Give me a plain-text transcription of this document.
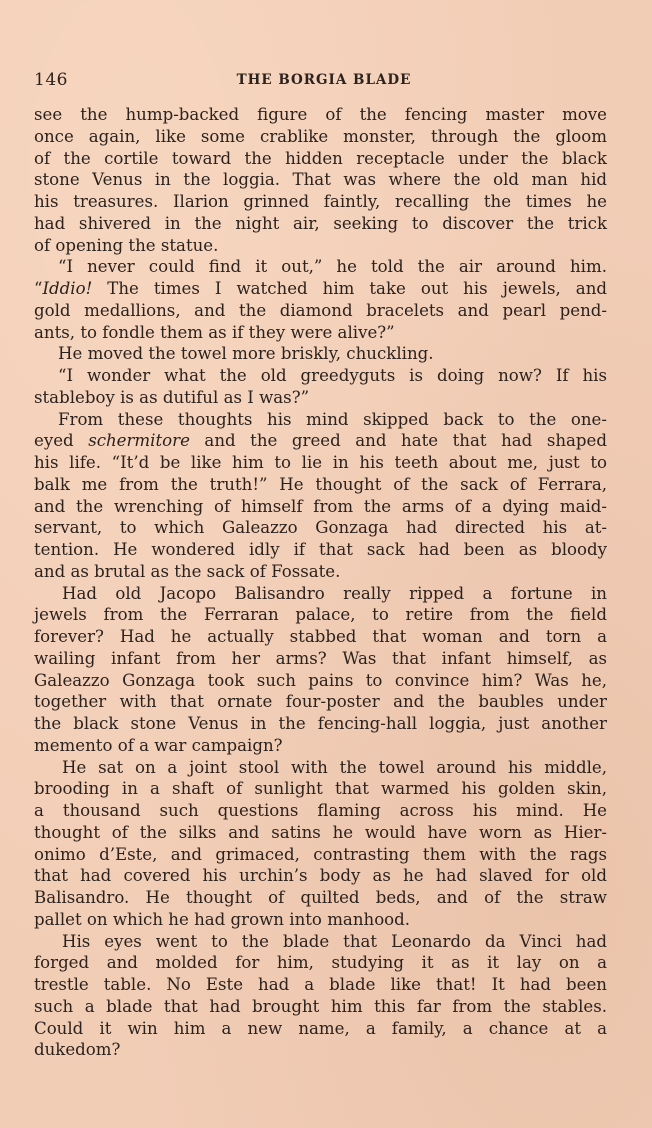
146	THE BORGIA BLADE
see the hump-backed figure of the fencing master move
once again, like some crablike monster, through the gloom
of the cortile toward the hidden receptacle under the black
stone Venus in the loggia. That was where the old man hid
his treasures. Ilarion grinned faintly, recalling the times he
had shivered in the night air, seeking to discover the trick
of opening the statue.
“I never could find it out,” he told the air around him.
“Iddio! The times I watched him take out his jewels, and
gold medallions, and the diamond bracelets and pearl pend-
ants, to fondle them as if they were alive?”
He moved the towel more briskly, chuckling.
“I wonder what the old greedyguts is doing now? If his
stableboy is as dutiful as I was?”
From these thoughts his mind skipped back to the one-
eyed schermitore and the greed and hate that had shaped
his life. “It’d be like him to lie in his teeth about me, just to
balk me from the truth!” He thought of the sack of Ferrara,
and the wrenching of himself from the arms of a dying maid-
servant, to which Galeazzo Gonzaga had directed his at-
tention. He wondered idly if that sack had been as bloody
and as brutal as the sack of Fossate.
Had old Jacopo Balisandro really ripped a fortune in
jewels from the Ferraran palace, to retire from the field
forever? Had he actually stabbed that woman and torn a
wailing infant from her arms? Was that infant himself, as
Galeazzo Gonzaga took such pains to convince him? Was he,
together with that ornate four-poster and the baubles under
the black stone Venus in the fencing-hall loggia, just another
memento of a war campaign?
He sat on a joint stool with the towel around his middle,
brooding in a shaft of sunlight that warmed his golden skin,
a thousand such questions flaming across his mind. He
thought of the silks and satins he would have worn as Hier-
onimo d’Este, and grimaced, contrasting them with the rags
that had covered his urchin’s body as he had slaved for old
Balisandro. He thought of quilted beds, and of the straw
pallet on which he had grown into manhood.
His eyes went to the blade that Leonardo da Vinci had
forged and molded for him, studying it as it lay on a
trestle table. No Este had a blade like that! It had been
such a blade that had brought him this far from the stables.
Could it win him a new name, a family, a chance at a
dukedom?
